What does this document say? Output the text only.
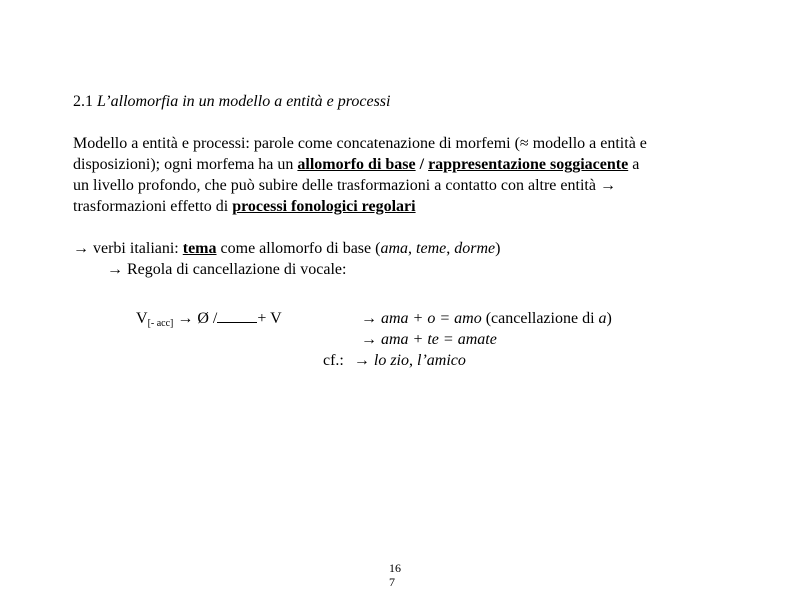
2.1 L’allomorfia in un modello a entità e processi
Modello a entità e processi: parole come concatenazione di morfemi (≈ modello a entità e
disposizioni); ogni morfema ha un allomorfo di base / rappresentazione soggiacente a
un livello profondo, che può subire delle trasformazioni a contatto con altre entità →
trasformazioni effetto di processi fonologici regolari
→ verbi italiani: tema come allomorfo di base (ama, teme, dorme)
→ Regola di cancellazione di vocale:
$V_{[- acc]}$ → Ø /	+ V	→ ama + o = amo (cancellazione di a)
→ ama + te = amate
cf.: → lo zio, l’amico
16
7
